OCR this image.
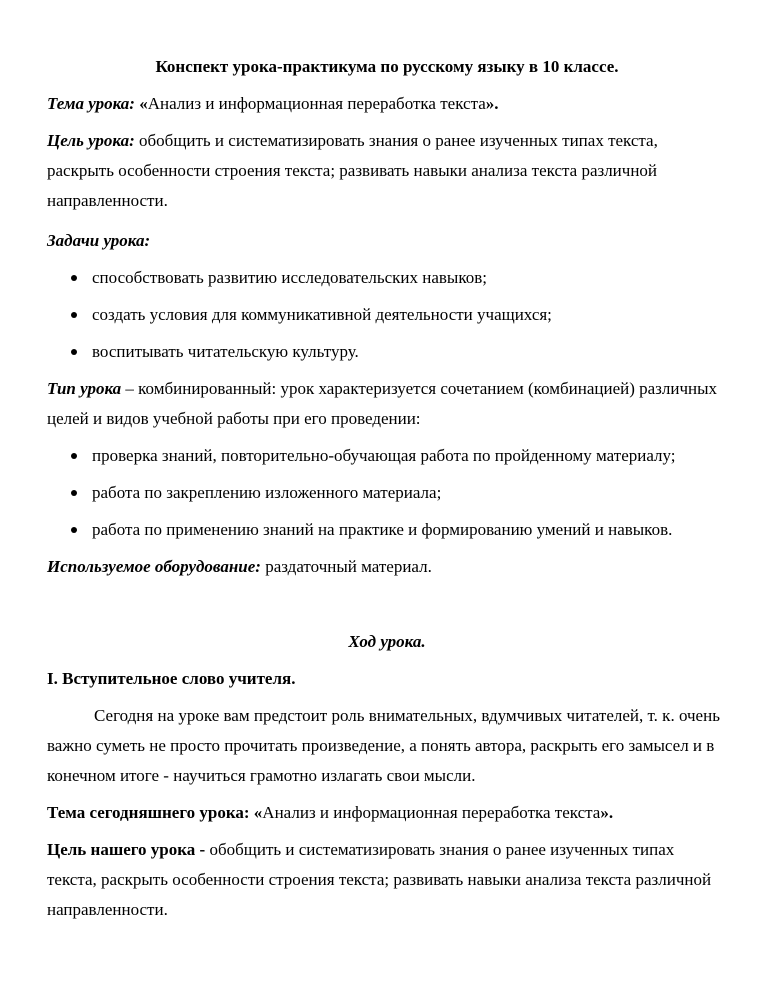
Конспект урока-практикума по русскому языку в 10 классе.

Тема урока: «Анализ и информационная переработка текста».

Цель урока: обобщить и систематизировать знания о ранее изученных типах текста, раскрыть особенности строения текста; развивать навыки анализа текста различной направленности.

Задачи урока:

способствовать развитию исследовательских навыков;
создать условия для коммуникативной деятельности учащихся;
воспитывать читательскую культуру.

Тип урока – комбинированный: урок характеризуется сочетанием (комбинацией) различных целей и видов учебной работы при его проведении:

проверка знаний, повторительно-обучающая работа по пройденному материалу;
работа по закреплению изложенного материала;
работа по применению знаний на практике и формированию умений и навыков.

Используемое оборудование: раздаточный материал.

Ход урока.

I. Вступительное слово учителя.

Сегодня на уроке вам предстоит роль внимательных, вдумчивых читателей, т. к. очень важно суметь не просто прочитать произведение, а понять автора, раскрыть его замысел и в конечном итоге - научиться грамотно излагать свои мысли.

Тема сегодняшнего урока: «Анализ и информационная переработка текста».

Цель нашего урока - обобщить и систематизировать знания о ранее изученных типах текста, раскрыть особенности строения текста; развивать навыки анализа текста различной направленности.
